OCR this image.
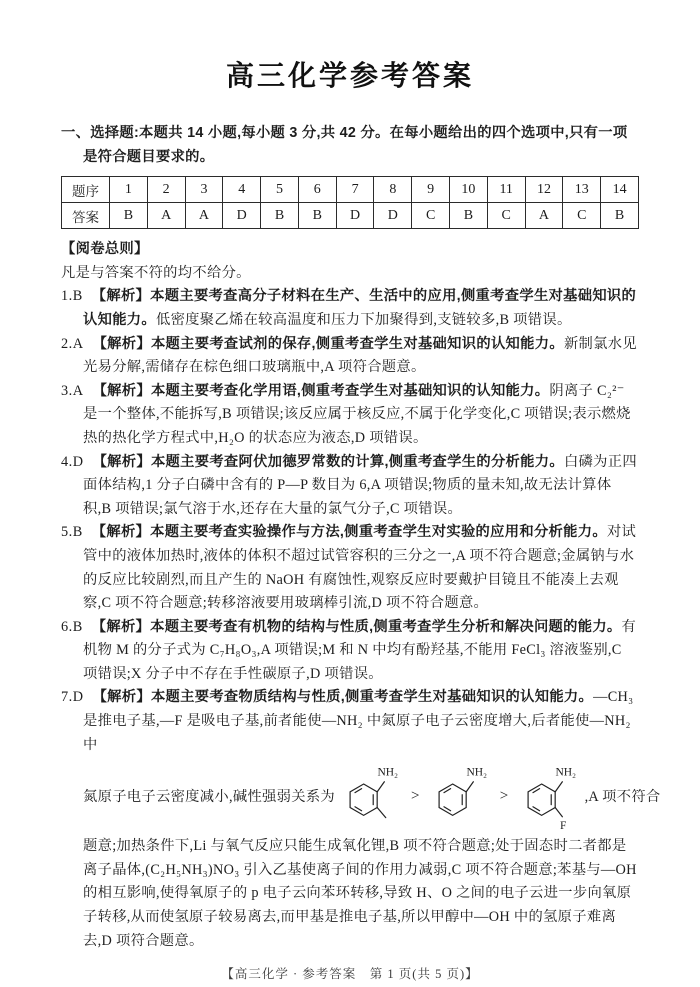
高三化学参考答案

一、选择题:本题共 14 小题,每小题 3 分,共 42 分。在每小题给出的四个选项中,只有一项是符合题目要求的。

题序	1	2	3	4	5	6	7	8	9	10	11	12	13	14
答案	B	A	A	D	B	B	D	D	C	B	C	A	C	B

【阅卷总则】

凡是与答案不符的均不给分。

1.B 【解析】本题主要考查高分子材料在生产、生活中的应用,侧重考查学生对基础知识的认知能力。低密度聚乙烯在较高温度和压力下加聚得到,支链较多,B 项错误。

2.A 【解析】本题主要考查试剂的保存,侧重考查学生对基础知识的认知能力。新制氯水见光易分解,需储存在棕色细口玻璃瓶中,A 项符合题意。

3.A 【解析】本题主要考查化学用语,侧重考查学生对基础知识的认知能力。阴离子 C₂²⁻ 是一个整体,不能拆写,B 项错误;该反应属于核反应,不属于化学变化,C 项错误;表示燃烧热的热化学方程式中,H₂O 的状态应为液态,D 项错误。

4.D 【解析】本题主要考查阿伏加德罗常数的计算,侧重考查学生的分析能力。白磷为正四面体结构,1 分子白磷中含有的 P—P 数目为 6,A 项错误;物质的量未知,故无法计算体积,B 项错误;氯气溶于水,还存在大量的氯气分子,C 项错误。

5.B 【解析】本题主要考查实验操作与方法,侧重考查学生对实验的应用和分析能力。对试管中的液体加热时,液体的体积不超过试管容积的三分之一,A 项不符合题意;金属钠与水的反应比较剧烈,而且产生的 NaOH 有腐蚀性,观察反应时要戴护目镜且不能凑上去观察,C 项不符合题意;转移溶液要用玻璃棒引流,D 项不符合题意。

6.B 【解析】本题主要考查有机物的结构与性质,侧重考查学生分析和解决问题的能力。有机物 M 的分子式为 C₇H₈O₃,A 项错误;M 和 N 中均有酚羟基,不能用 FeCl₃ 溶液鉴别,C 项错误;X 分子中不存在手性碳原子,D 项错误。

7.D 【解析】本题主要考查物质结构与性质,侧重考查学生对基础知识的认知能力。—CH₃ 是推电子基,—F 是吸电子基,前者能使—NH₂ 中氮原子电子云密度增大,后者能使—NH₂ 中

氮原子电子云密度减小,碱性强弱关系为
NH₂
>
NH₂
>
NH₂
F
,A 项不符合

题意;加热条件下,Li 与氧气反应只能生成氧化锂,B 项不符合题意;处于固态时二者都是离子晶体,(C₂H₅NH₃)NO₃ 引入乙基使离子间的作用力减弱,C 项不符合题意;苯基与—OH 的相互影响,使得氧原子的 p 电子云向苯环转移,导致 H、O 之间的电子云进一步向氧原子转移,从而使氢原子较易离去,而甲基是推电子基,所以甲醇中—OH 中的氢原子难离去,D 项符合题意。

【高三化学 · 参考答案　第 1 页(共 5 页)】
